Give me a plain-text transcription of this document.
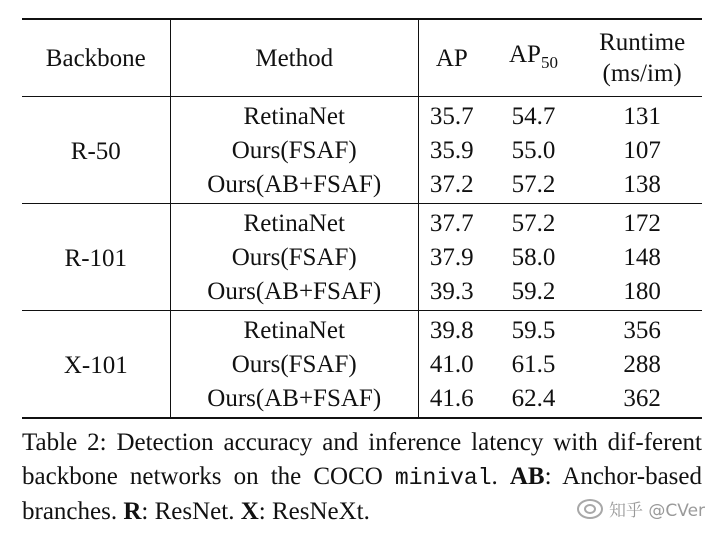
Backbone	Method	AP	$AP_{50}$	Runtime
(ms/im)
R-50	RetinaNet	35.7	54.7	131
	Ours(FSAF)	35.9	55.0	107
	Ours(AB+FSAF)	37.2	57.2	138
R-101	RetinaNet	37.7	57.2	172
	Ours(FSAF)	37.9	58.0	148
	Ours(AB+FSAF)	39.3	59.2	180
X-101	RetinaNet	39.8	59.5	356
	Ours(FSAF)	41.0	61.5	288
	Ours(AB+FSAF)	41.6	62.4	362
Table 2: Detection accuracy and inference latency with dif-ferent backbone networks on the COCO minival. AB: Anchor-based branches. R: ResNet. X: ResNeXt.	知乎 @CVer
